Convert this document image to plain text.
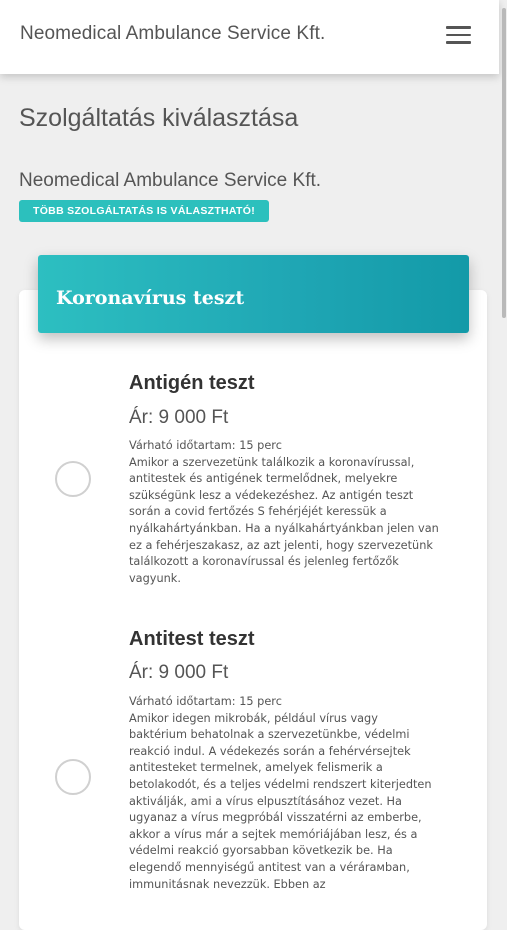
Neomedical Ambulance Service Kft.
Szolgáltatás kiválasztása
Neomedical Ambulance Service Kft.
TÖBB SZOLGÁLTATÁS IS VÁLASZTHATÓ!
Koronavírus teszt
Antigén teszt
Ár: 9 000 Ft
Várható időtartam: 15 perc
Amikor a szervezetünk találkozik a koronavírussal, antitestek és antigének termelődnek, melyekre szükségünk lesz a védekezéshez. Az antigén teszt során a covid fertőzés S fehérjéjét keressük a nyálkahártyánkban. Ha a nyálkahártyánkban jelen van ez a fehérjeszakasz, az azt jelenti, hogy szervezetünk találkozott a koronavírussal és jelenleg fertőzők vagyunk.
Antitest teszt
Ár: 9 000 Ft
Várható időtartam: 15 perc
Amikor idegen mikrobák, például vírus vagy baktérium behatolnak a szervezetünkbe, védelmi reakció indul. A védekezés során a fehérvérsejtek antitesteket termelnek, amelyek felismerik a betolakodót, és a teljes védelmi rendszert kiterjedten aktiválják, ami a vírus elpusztításához vezet. Ha ugyanaz a vírus megpróbál visszatérni az emberbe, akkor a vírus már a sejtek memóriájában lesz, és a védelmi reakció gyorsabban következik be. Ha elegendő mennyiségű antitest van a vérárамban, immunitásnak nevezzük. Ebben az
